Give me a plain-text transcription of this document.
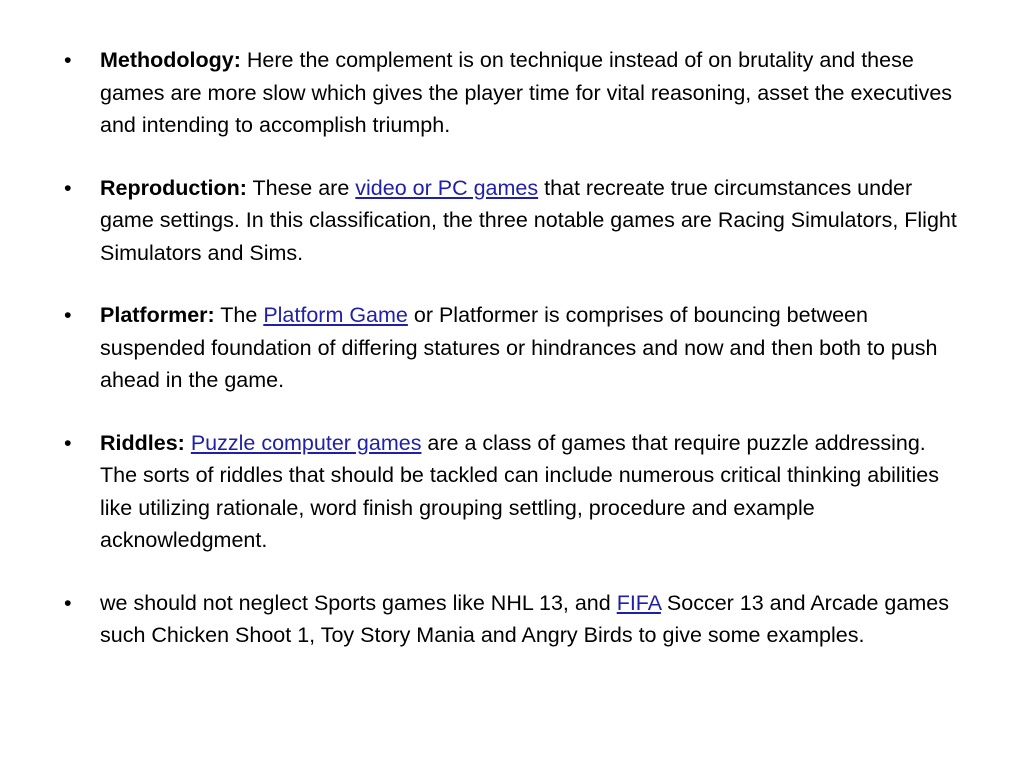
• Methodology: Here the complement is on technique instead of on brutality and these games are more slow which gives the player time for vital reasoning, asset the executives and intending to accomplish triumph.
• Reproduction: These are video or PC games that recreate true circumstances under game settings. In this classification, the three notable games are Racing Simulators, Flight Simulators and Sims.
• Platformer: The Platform Game or Platformer is comprises of bouncing between suspended foundation of differing statures or hindrances and now and then both to push ahead in the game.
• Riddles: Puzzle computer games are a class of games that require puzzle addressing. The sorts of riddles that should be tackled can include numerous critical thinking abilities like utilizing rationale, word finish grouping settling, procedure and example acknowledgment.
• we should not neglect Sports games like NHL 13, and FIFA Soccer 13 and Arcade games such Chicken Shoot 1, Toy Story Mania and Angry Birds to give some examples.
